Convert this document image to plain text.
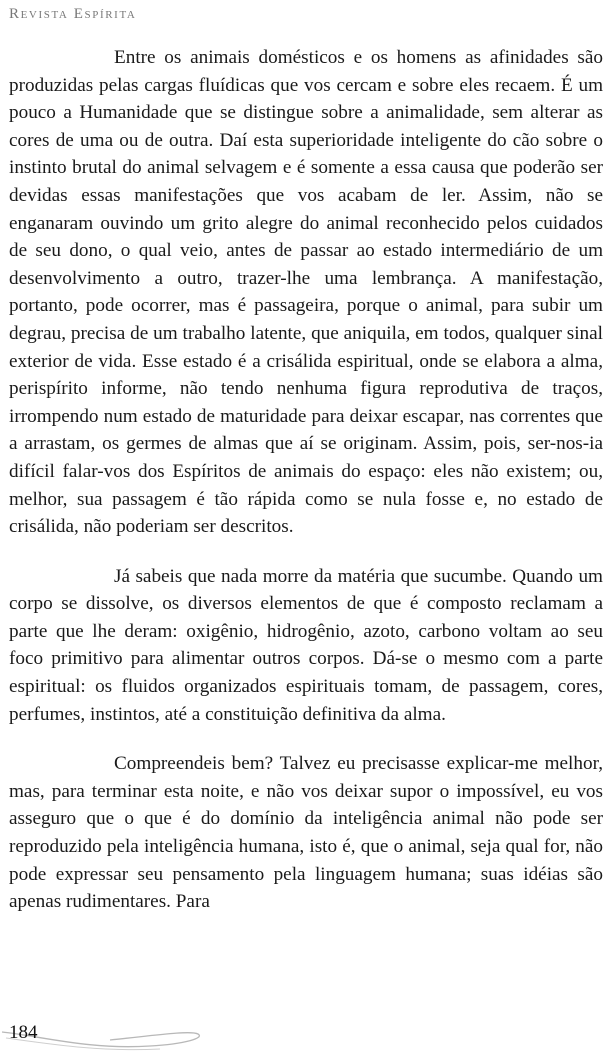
Revista Espírita

Entre os animais domésticos e os homens as afinidades são produzidas pelas cargas fluídicas que vos cercam e sobre eles recaem. É um pouco a Humanidade que se distingue sobre a animalidade, sem alterar as cores de uma ou de outra. Daí esta superioridade inteligente do cão sobre o instinto brutal do animal selvagem e é somente a essa causa que poderão ser devidas essas manifestações que vos acabam de ler. Assim, não se enganaram ouvindo um grito alegre do animal reconhecido pelos cuidados de seu dono, o qual veio, antes de passar ao estado intermediário de um desenvolvimento a outro, trazer-lhe uma lembrança. A manifestação, portanto, pode ocorrer, mas é passageira, porque o animal, para subir um degrau, precisa de um trabalho latente, que aniquila, em todos, qualquer sinal exterior de vida. Esse estado é a crisálida espiritual, onde se elabora a alma, perispírito informe, não tendo nenhuma figura reprodutiva de traços, irrompendo num estado de maturidade para deixar escapar, nas correntes que a arrastam, os germes de almas que aí se originam. Assim, pois, ser-nos-ia difícil falar-vos dos Espíritos de animais do espaço: eles não existem; ou, melhor, sua passagem é tão rápida como se nula fosse e, no estado de crisálida, não poderiam ser descritos.

Já sabeis que nada morre da matéria que sucumbe. Quando um corpo se dissolve, os diversos elementos de que é composto reclamam a parte que lhe deram: oxigênio, hidrogênio, azoto, carbono voltam ao seu foco primitivo para alimentar outros corpos. Dá-se o mesmo com a parte espiritual: os fluidos organizados espirituais tomam, de passagem, cores, perfumes, instintos, até a constituição definitiva da alma.

Compreendeis bem? Talvez eu precisasse explicar-me melhor, mas, para terminar esta noite, e não vos deixar supor o impossível, eu vos asseguro que o que é do domínio da inteligência animal não pode ser reproduzido pela inteligência humana, isto é, que o animal, seja qual for, não pode expressar seu pensamento pela linguagem humana; suas idéias são apenas rudimentares. Para

184
